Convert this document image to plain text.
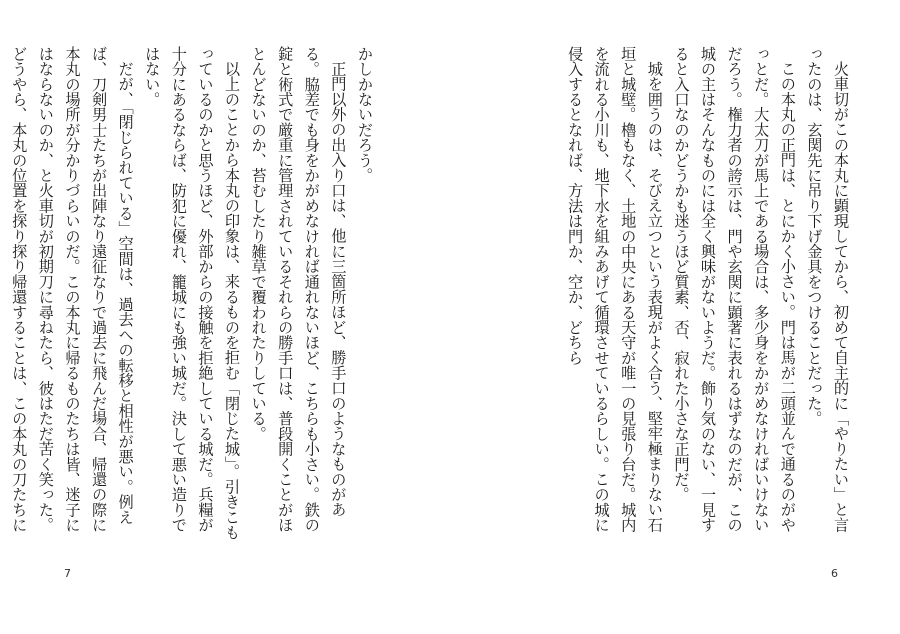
かしかないだろう。

正門以外の出入り口は、他に三箇所ほど、勝手口のようなものがある。脇差でも身をかがめなければ通れないほど、こちらも小さい。鉄の錠と術式で厳重に管理されているそれらの勝手口は、普段開くことがほとんどないのか、苔むしたり雑草で覆われたりしている。

以上のことから本丸の印象は、来るものを拒む「閉じた城」。引きこもっているのかと思うほど、外部からの接触を拒絶している城だ。兵糧が十分にあるならば、防犯に優れ、籠城にも強い城だ。決して悪い造りではない。

だが、「閉じられている」空間は、過去への転移と相性が悪い。例えば、刀剣男士たちが出陣なり遠征なりで過去に飛んだ場合、帰還の際に本丸の場所が分かりづらいのだ。この本丸に帰るものたちは皆、迷子にはならないのか、と火車切が初期刀に尋ねたら、彼はただ苦く笑った。どうやら、本丸の位置を探り探り帰還することは、この本丸の刀たちに

7

火車切がこの本丸に顕現してから、初めて自主的に「やりたい」と言ったのは、玄関先に吊り下げ金具をつけることだった。

この本丸の正門は、とにかく小さい。門は馬が二頭並んで通るのがやっとだ。大太刀が馬上である場合は、多少身をかがめなければいけないだろう。権力者の誇示は、門や玄関に顕著に表れるはずなのだが、この城の主はそんなものには全く興味がないようだ。飾り気のない、一見すると入口なのかどうかも迷うほど質素、否、寂れた小さな正門だ。

城を囲うのは、そびえ立つという表現がよく合う、堅牢極まりない石垣と城壁。櫓もなく、土地の中央にある天守が唯一の見張り台だ。城内を流れる小川も、地下水を組みあげて循環させているらしい。この城に侵入するとなれば、方法は門か、空か、どちら

6
